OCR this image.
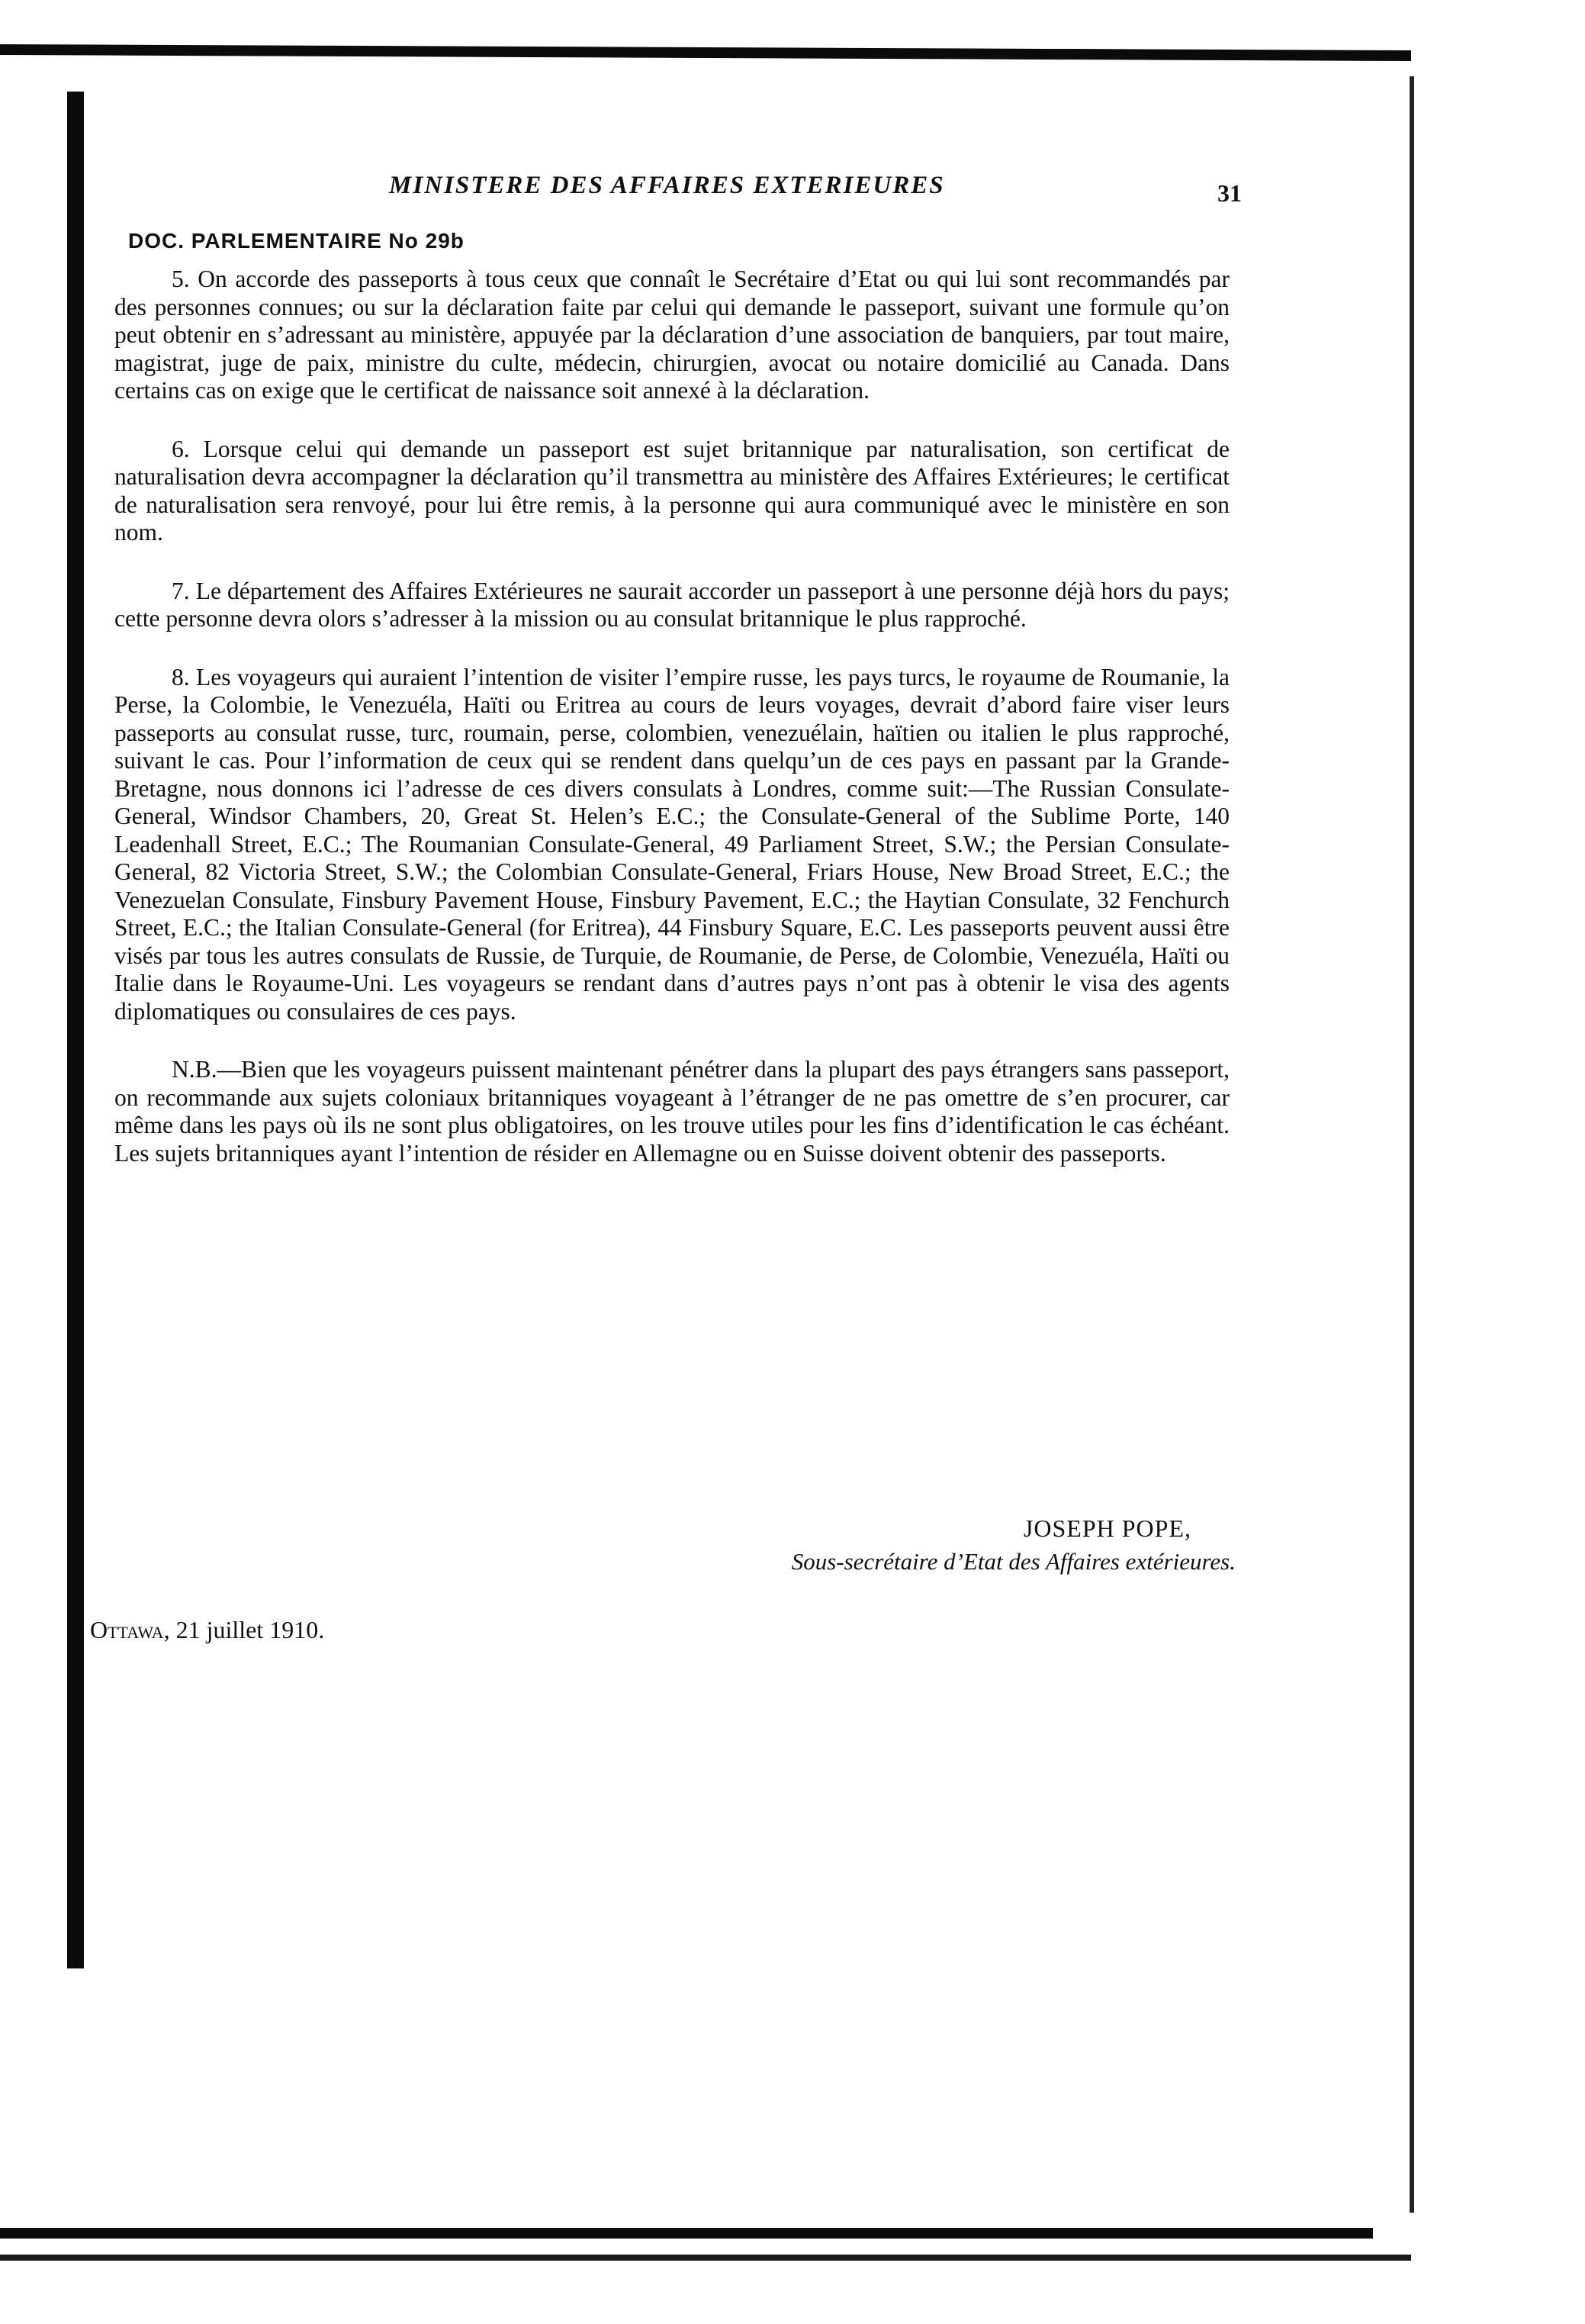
MINISTERE DES AFFAIRES EXTERIEURES	31
DOC. PARLEMENTAIRE No 29b

5. On accorde des passeports à tous ceux que connaît le Secrétaire d’Etat ou qui lui sont recommandés par des personnes connues; ou sur la déclaration faite par celui qui demande le passeport, suivant une formule qu’on peut obtenir en s’adressant au ministère, appuyée par la déclaration d’une association de banquiers, par tout maire, magistrat, juge de paix, ministre du culte, médecin, chirurgien, avocat ou notaire domicilié au Canada. Dans certains cas on exige que le certificat de naissance soit annexé à la déclaration.

6. Lorsque celui qui demande un passeport est sujet britannique par naturalisation, son certificat de naturalisation devra accompagner la déclaration qu’il transmettra au ministère des Affaires Extérieures; le certificat de naturalisation sera renvoyé, pour lui être remis, à la personne qui aura communiqué avec le ministère en son nom.

7. Le département des Affaires Extérieures ne saurait accorder un passeport à une personne déjà hors du pays; cette personne devra olors s’adresser à la mission ou au consulat britannique le plus rapproché.

8. Les voyageurs qui auraient l’intention de visiter l’empire russe, les pays turcs, le royaume de Roumanie, la Perse, la Colombie, le Venezuéla, Haïti ou Eritrea au cours de leurs voyages, devrait d’abord faire viser leurs passeports au consulat russe, turc, roumain, perse, colombien, venezuélain, haïtien ou italien le plus rapproché, suivant le cas. Pour l’information de ceux qui se rendent dans quelqu’un de ces pays en passant par la Grande-Bretagne, nous donnons ici l’adresse de ces divers consulats à Londres, comme suit:—The Russian Consulate-General, Windsor Chambers, 20, Great St. Helen’s E.C.; the Consulate-General of the Sublime Porte, 140 Leadenhall Street, E.C.; The Roumanian Consulate-General, 49 Parliament Street, S.W.; the Persian Consulate-General, 82 Victoria Street, S.W.; the Colombian Consulate-General, Friars House, New Broad Street, E.C.; the Venezuelan Consulate, Finsbury Pavement House, Finsbury Pavement, E.C.; the Haytian Consulate, 32 Fenchurch Street, E.C.; the Italian Consulate-General (for Eritrea), 44 Finsbury Square, E.C. Les passeports peuvent aussi être visés par tous les autres consulats de Russie, de Turquie, de Roumanie, de Perse, de Colombie, Venezuéla, Haïti ou Italie dans le Royaume-Uni. Les voyageurs se rendant dans d’autres pays n’ont pas à obtenir le visa des agents diplomatiques ou consulaires de ces pays.

N.B.—Bien que les voyageurs puissent maintenant pénétrer dans la plupart des pays étrangers sans passeport, on recommande aux sujets coloniaux britanniques voyageant à l’étranger de ne pas omettre de s’en procurer, car même dans les pays où ils ne sont plus obligatoires, on les trouve utiles pour les fins d’identification le cas échéant. Les sujets britanniques ayant l’intention de résider en Allemagne ou en Suisse doivent obtenir des passeports.

JOSEPH POPE,
Sous-secrétaire d’Etat des Affaires extérieures.
Ottawa, 21 juillet 1910.
